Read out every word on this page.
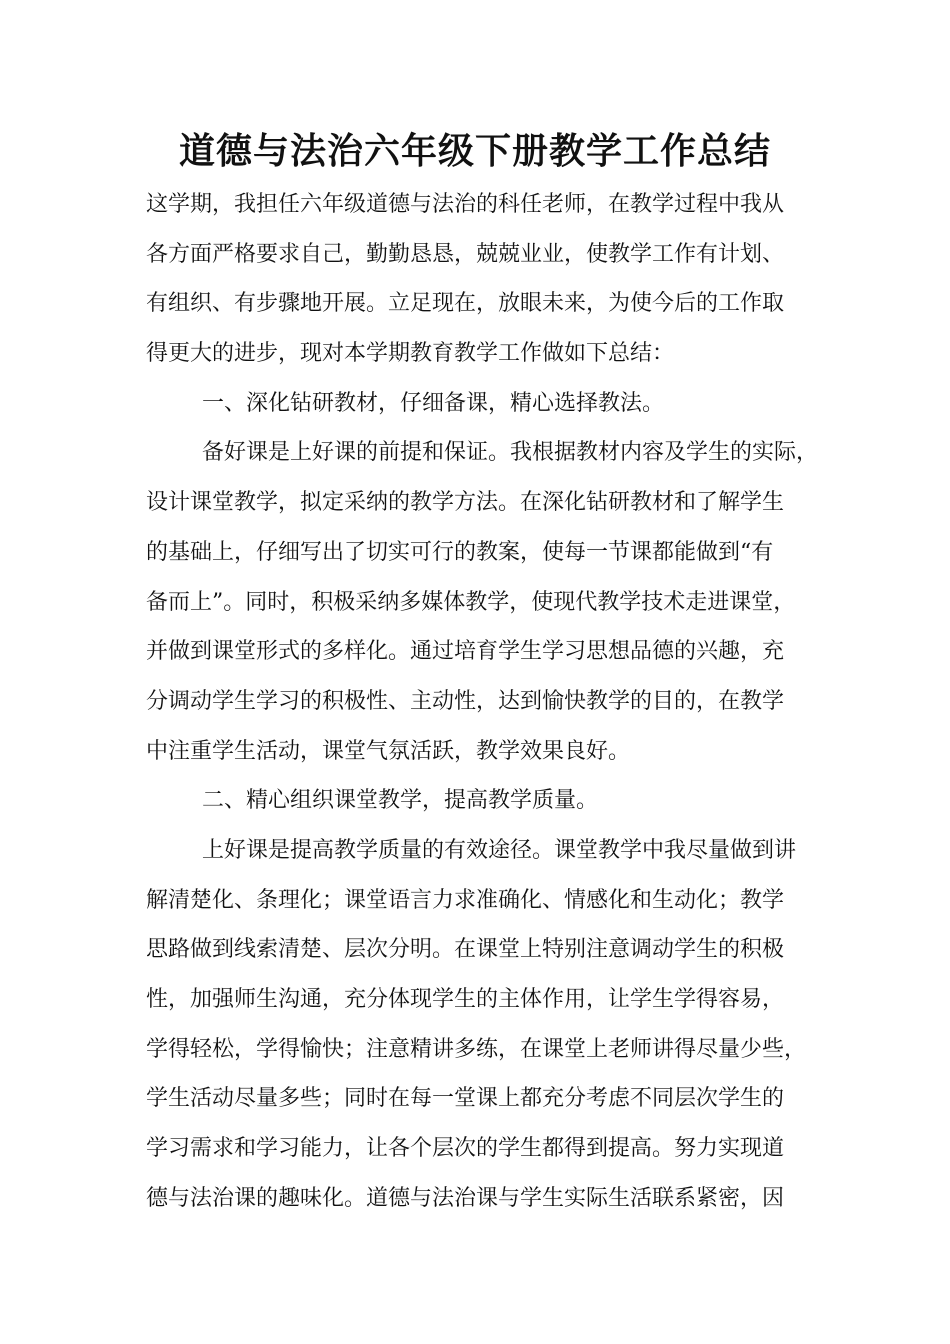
道德与法治六年级下册教学工作总结
这学期，我担任六年级道德与法治的科任老师，在教学过程中我从
各方面严格要求自己，勤勤恳恳，兢兢业业，使教学工作有计划、
有组织、有步骤地开展。立足现在，放眼未来，为使今后的工作取
得更大的进步，现对本学期教育教学工作做如下总结：
一、深化钻研教材，仔细备课，精心选择教法。
备好课是上好课的前提和保证。我根据教材内容及学生的实际，
设计课堂教学，拟定采纳的教学方法。在深化钻研教材和了解学生
的基础上，仔细写出了切实可行的教案，使每一节课都能做到“有
备而上”。同时，积极采纳多媒体教学，使现代教学技术走进课堂，
并做到课堂形式的多样化。通过培育学生学习思想品德的兴趣，充
分调动学生学习的积极性、主动性，达到愉快教学的目的，在教学
中注重学生活动，课堂气氛活跃，教学效果良好。
二、精心组织课堂教学，提高教学质量。
上好课是提高教学质量的有效途径。课堂教学中我尽量做到讲
解清楚化、条理化；课堂语言力求准确化、情感化和生动化；教学
思路做到线索清楚、层次分明。在课堂上特别注意调动学生的积极
性，加强师生沟通，充分体现学生的主体作用，让学生学得容易，
学得轻松，学得愉快；注意精讲多练，在课堂上老师讲得尽量少些，
学生活动尽量多些；同时在每一堂课上都充分考虑不同层次学生的
学习需求和学习能力，让各个层次的学生都得到提高。努力实现道
德与法治课的趣味化。道德与法治课与学生实际生活联系紧密，因
